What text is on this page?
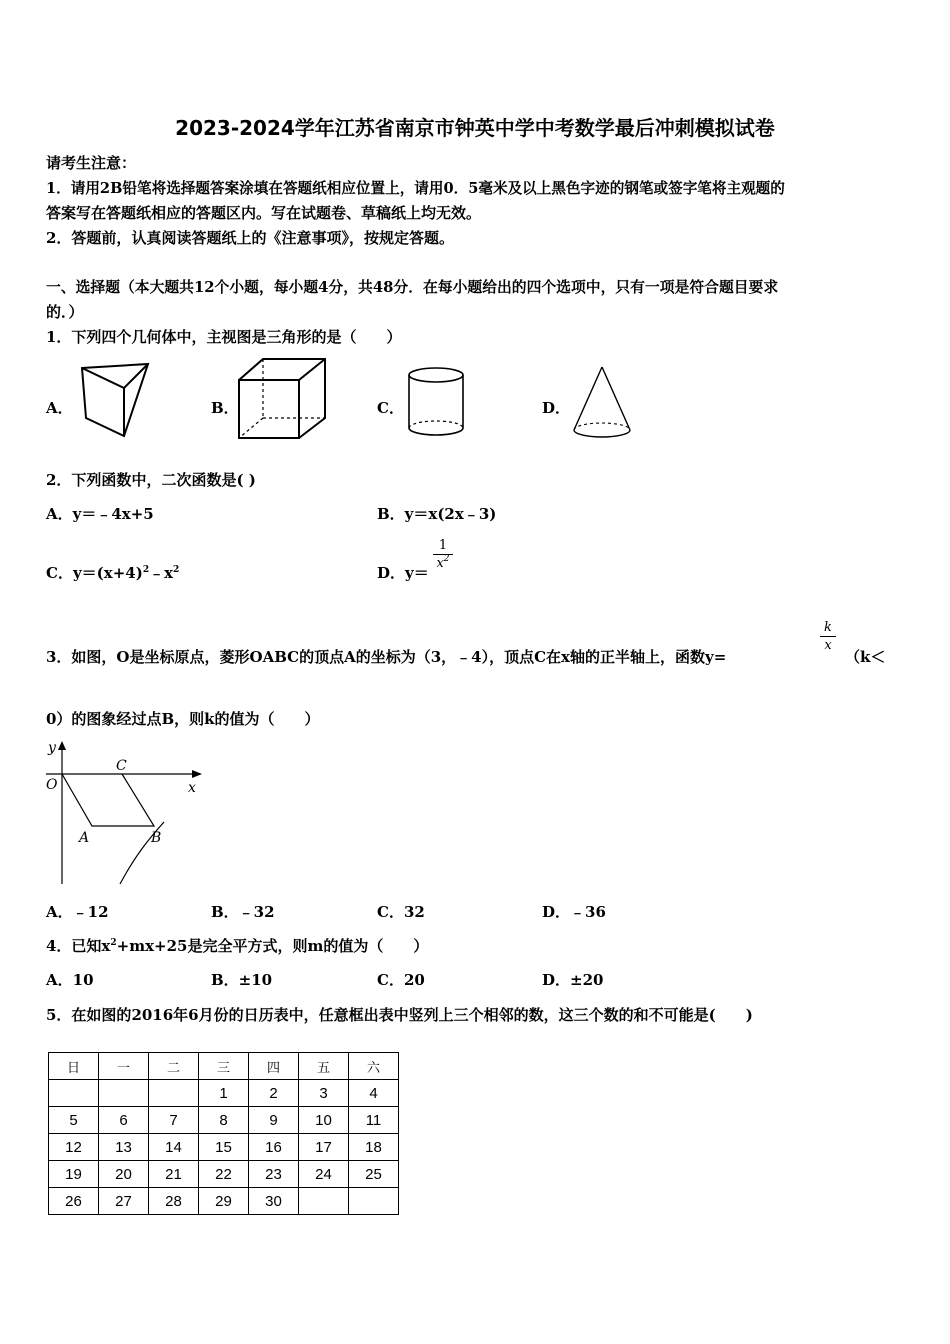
2023-2024学年江苏省南京市钟英中学中考数学最后冲刺模拟试卷
请考生注意：
1．请用2B铅笔将选择题答案涂填在答题纸相应位置上，请用0．5毫米及以上黑色字迹的钢笔或签字笔将主观题的
答案写在答题纸相应的答题区内。写在试题卷、草稿纸上均无效。
2．答题前，认真阅读答题纸上的《注意事项》，按规定答题。
一、选择题（本大题共12个小题，每小题4分，共48分．在每小题给出的四个选项中，只有一项是符合题目要求
的．）
1．下列四个几何体中，主视图是三角形的是（　　）
A．	B．	C．	D．
2．下列函数中，二次函数是( )
A．y＝﹣4x+5	B．y＝x(2x﹣3)
C．$y=(x+4)^2﹣x^2$	D．y＝
1
$x^2$
3．如图，O是坐标原点，菱形OABC的顶点A的坐标为（3，﹣4），顶点C在x轴的正半轴上，函数y=
k
x
（k＜
0）的图象经过点B，则k的值为（　　）
y
x
O
C
A	B
A．﹣12	B．﹣32	C．32	D．﹣36
4．已知$x^2+mx+25$是完全平方式，则m的值为（　　）
A．10	B．±10	C．20	D．±20
5．在如图的2016年6月份的日历表中，任意框出表中竖列上三个相邻的数，这三个数的和不可能是(　　)
日	一	二	三	四	五	六
			1	2	3	4
5	6	7	8	9	10	11
12	13	14	15	16	17	18
19	20	21	22	23	24	25
26	27	28	29	30		
